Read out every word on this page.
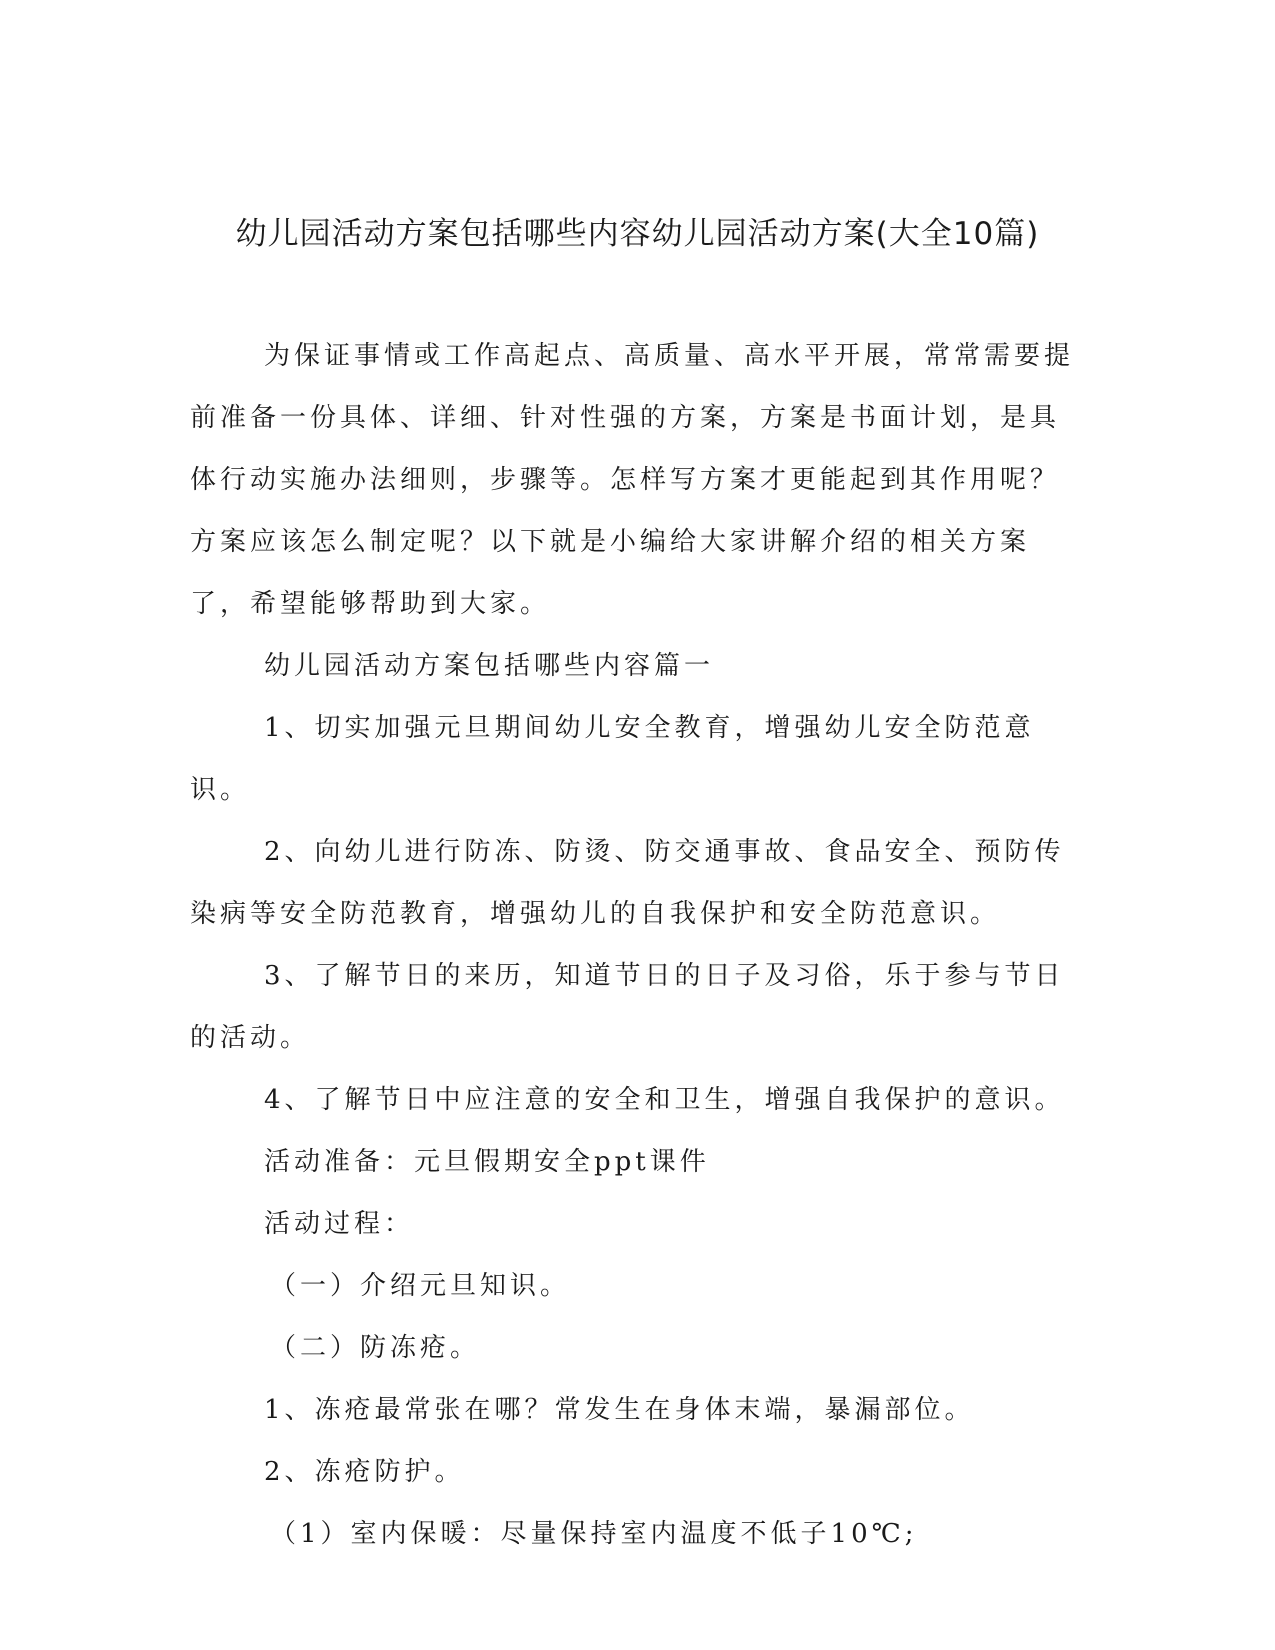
幼儿园活动方案包括哪些内容幼儿园活动方案(大全10篇)

为保证事情或工作高起点、高质量、高水平开展，常常需要提前准备一份具体、详细、针对性强的方案，方案是书面计划，是具体行动实施办法细则，步骤等。怎样写方案才更能起到其作用呢？方案应该怎么制定呢？以下就是小编给大家讲解介绍的相关方案了，希望能够帮助到大家。

幼儿园活动方案包括哪些内容篇一

1、切实加强元旦期间幼儿安全教育，增强幼儿安全防范意识。

2、向幼儿进行防冻、防烫、防交通事故、食品安全、预防传染病等安全防范教育，增强幼儿的自我保护和安全防范意识。

3、了解节日的来历，知道节日的日子及习俗，乐于参与节日的活动。

4、了解节日中应注意的安全和卫生，增强自我保护的意识。

活动准备：元旦假期安全ppt课件

活动过程：

（一）介绍元旦知识。

（二）防冻疮。

1、冻疮最常张在哪？常发生在身体末端，暴漏部位。

2、冻疮防护。

（1）室内保暖：尽量保持室内温度不低子10℃;
